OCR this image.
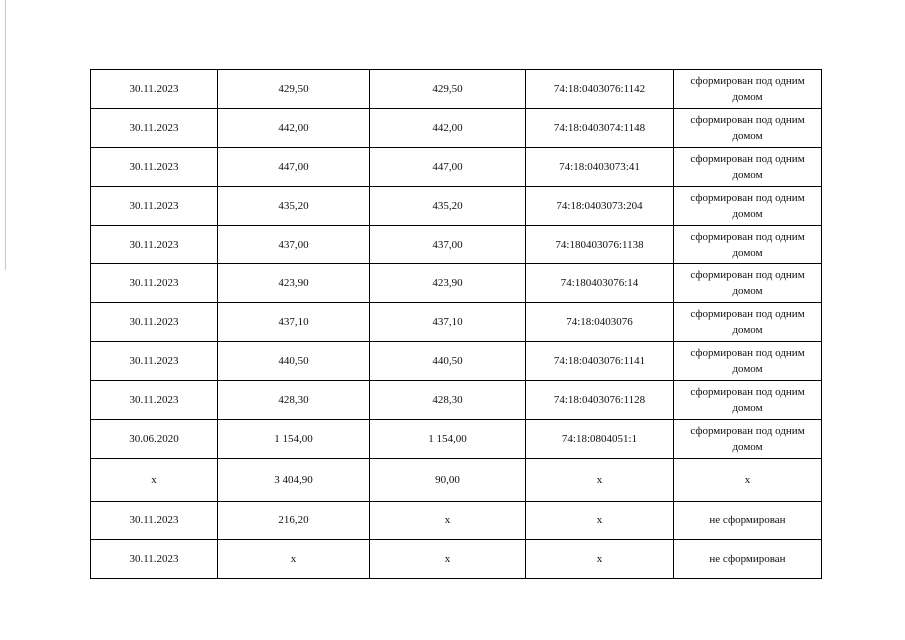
30.11.2023	429,50	429,50	74:18:0403076:1142	сформирован под одним домом
30.11.2023	442,00	442,00	74:18:0403074:1148	сформирован под одним домом
30.11.2023	447,00	447,00	74:18:0403073:41	сформирован под одним домом
30.11.2023	435,20	435,20	74:18:0403073:204	сформирован под одним домом
30.11.2023	437,00	437,00	74:180403076:1138	сформирован под одним домом
30.11.2023	423,90	423,90	74:180403076:14	сформирован под одним домом
30.11.2023	437,10	437,10	74:18:0403076	сформирован под одним домом
30.11.2023	440,50	440,50	74:18:0403076:1141	сформирован под одним домом
30.11.2023	428,30	428,30	74:18:0403076:1128	сформирован под одним домом
30.06.2020	1 154,00	1 154,00	74:18:0804051:1	сформирован под одним домом
х	3 404,90	90,00	х	х
30.11.2023	216,20	х	х	не сформирован
30.11.2023	х	х	х	не сформирован
